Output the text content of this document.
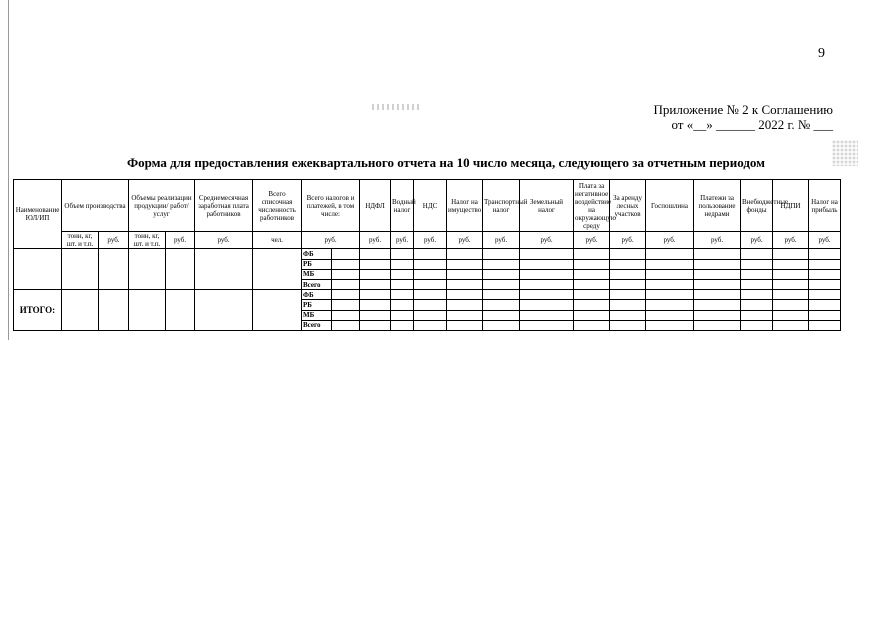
9
Приложение № 2 к Соглашению
от «__» ______ 2022 г. № ___
Форма для предоставления ежеквартального отчета на 10 число месяца, следующего за отчетным периодом
Наименование ЮЛ/ИП	Объем производства		Объемы реализации продукции/ работ/ услуг		Среднемесячная заработная плата работников	Всего списочная численность работников	Всего налогов и платежей, в том числе:		НДФЛ	Водный налог	НДС	Налог на имущество	Транспортный налог	Земельный налог	Плата за негативное воздействие на окружающую среду	За аренду лесных участков	Госпошлина	Платежи за пользование недрами	Внебюджетные фонды	НДПИ	Налог на прибыль
	тонн, кг, шт. и т.п.	руб.	тонн, кг, шт. и т.п.	руб.	руб.	чел.	руб.		руб.	руб.	руб.	руб.	руб.	руб.	руб.	руб.	руб.	руб.	руб.	руб.	руб.
							ФБ														
							РБ														
							МБ														
							Всего														
ИТОГО:							ФБ														
							РБ														
							МБ														
							Всего														
